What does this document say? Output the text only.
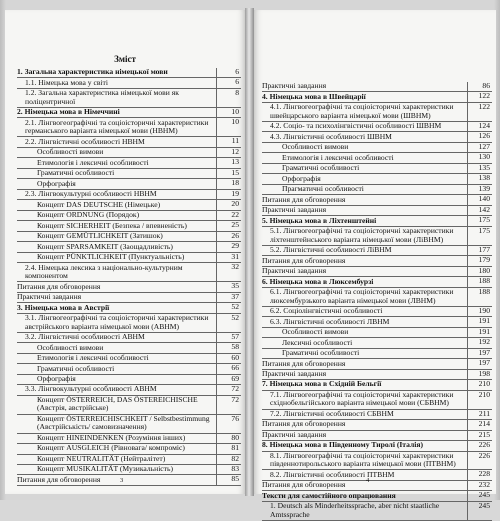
Зміст
1. Загальна характеристика німецької мови	6
1.1. Німецька мова у світі	6
1.2. Загальна характеристика німецької мови як поліцентричної	8
2. Німецька мова в Німеччині	10
2.1. Лінгвогеографічні та соціоісторичні характеристики германського варіанта німецької мови (НВНМ)	10
2.2. Лінгвістичні особливості НВНМ	11
Особливості вимови	12
Етимологія і лексичні особливості	13
Граматичні особливості	15
Орфографія	18
2.3. Лінгвокультурні особливості НВНМ	19
Концепт DAS DEUTSCHE (Німецьке)	20
Концепт ORDNUNG (Порядок)	22
Концепт SICHERHEIT (Безпека / впевненість)	25
Концепт GEMÜTLICHKEIT (Затишок)	26
Концепт SPARSAMKEIT (Заощадливість)	29
Концепт PÜNKTLICHKEIT (Пунктуальність)	31
2.4. Німецька лексика з національно-культурним компонентом	32
Питання для обговорення	35
Практичні завдання	37
3. Німецька мова в Австрії	52
3.1. Лінгвогеографічні та соціоісторичні характеристики австрійського варіанта німецької мови (АВНМ)	52
3.2. Лінгвістичні особливості АВНМ	57
Особливості вимови	58
Етимологія і лексичні особливості	60
Граматичні особливості	66
Орфографія	69
3.3. Лінгвокультурні особливості АВНМ	72
Концепт ÖSTERREICH, DAS ÖSTEREICHISCHE (Австрія, австрійське)	72
Концепт ÖSTERREICHISCHKEIT / Selbstbestimmung (Австрійськість/ самовизначення)	76
Концепт HINEINDENKEN (Розуміння інших)	80
Концепт AUSGLEICH (Рівновага/ компроміс)	81
Концепт NEUTRALITÄT (Нейтралітет)	82
Концепт MUSIKALITÄT (Музикальність)	83
Питання для обговорення	85
3
Практичні завдання	86
4. Німецька мова в Швейцарії	122
4.1. Лінгвогеографічні та соціоісторичні характеристики швейцарського варіанта німецької мови (ШВНМ)	122
4.2. Соціо- та психолінгвістичні особливості ШВНМ	124
4.3. Лінгвістичні особливості ШВНМ	126
Особливості вимови	127
Етимологія і лексичні особливості	130
Граматичні особливості	135
Орфографія	138
Прагматичні особливості	139
Питання для обговорення	140
Практичні завдання	142
5. Німецька мова в Ліхтенштейні	175
5.1. Лінгвогеографічні та соціоісторичні характеристики ліхтенштейнського варіанта німецької мови (ЛіВНМ)	175
5.2. Лінгвістичні особливості ЛіВНМ	177
Питання для обговорення	179
Практичні завдання	180
6. Німецька мова в Люксембурзі	188
6.1. Лінгвогеографічні та соціоісторичні характеристики люксембурзького варіанта німецької мови (ЛВНМ)	188
6.2. Соціолінгвістичні особливості	190
6.3. Лінгвістичні особливості ЛВНМ	191
Особливості вимови	191
Лексичні особливості	192
Граматичні особливості	197
Питання для обговорення	197
Практичні завдання	198
7. Німецька мова в Східній Бельгії	210
7.1. Лінгвогеографічні та соціоісторичні характеристики східнобельгійського варіанта німецької мови (СБВНМ)	210
7.2. Лінгвістичні особливості СБВНМ	211
Питання для обговорення	214
Практичні завдання	215
8. Німецька мова в Південному Тиролі (Італія)	226
8.1. Лінгвогеографічні та соціоісторичні характеристики південнотирольського варіанта німецької мови (ПТВНМ)	226
8.2. Лінгвістичні особливості ПТВНМ	228
Питання для обговорення	232
Тексти для самостійного опрацювання	245
1. Deutsch als Minderheitssprache, aber nicht staatliche Amtssprache	245
4
